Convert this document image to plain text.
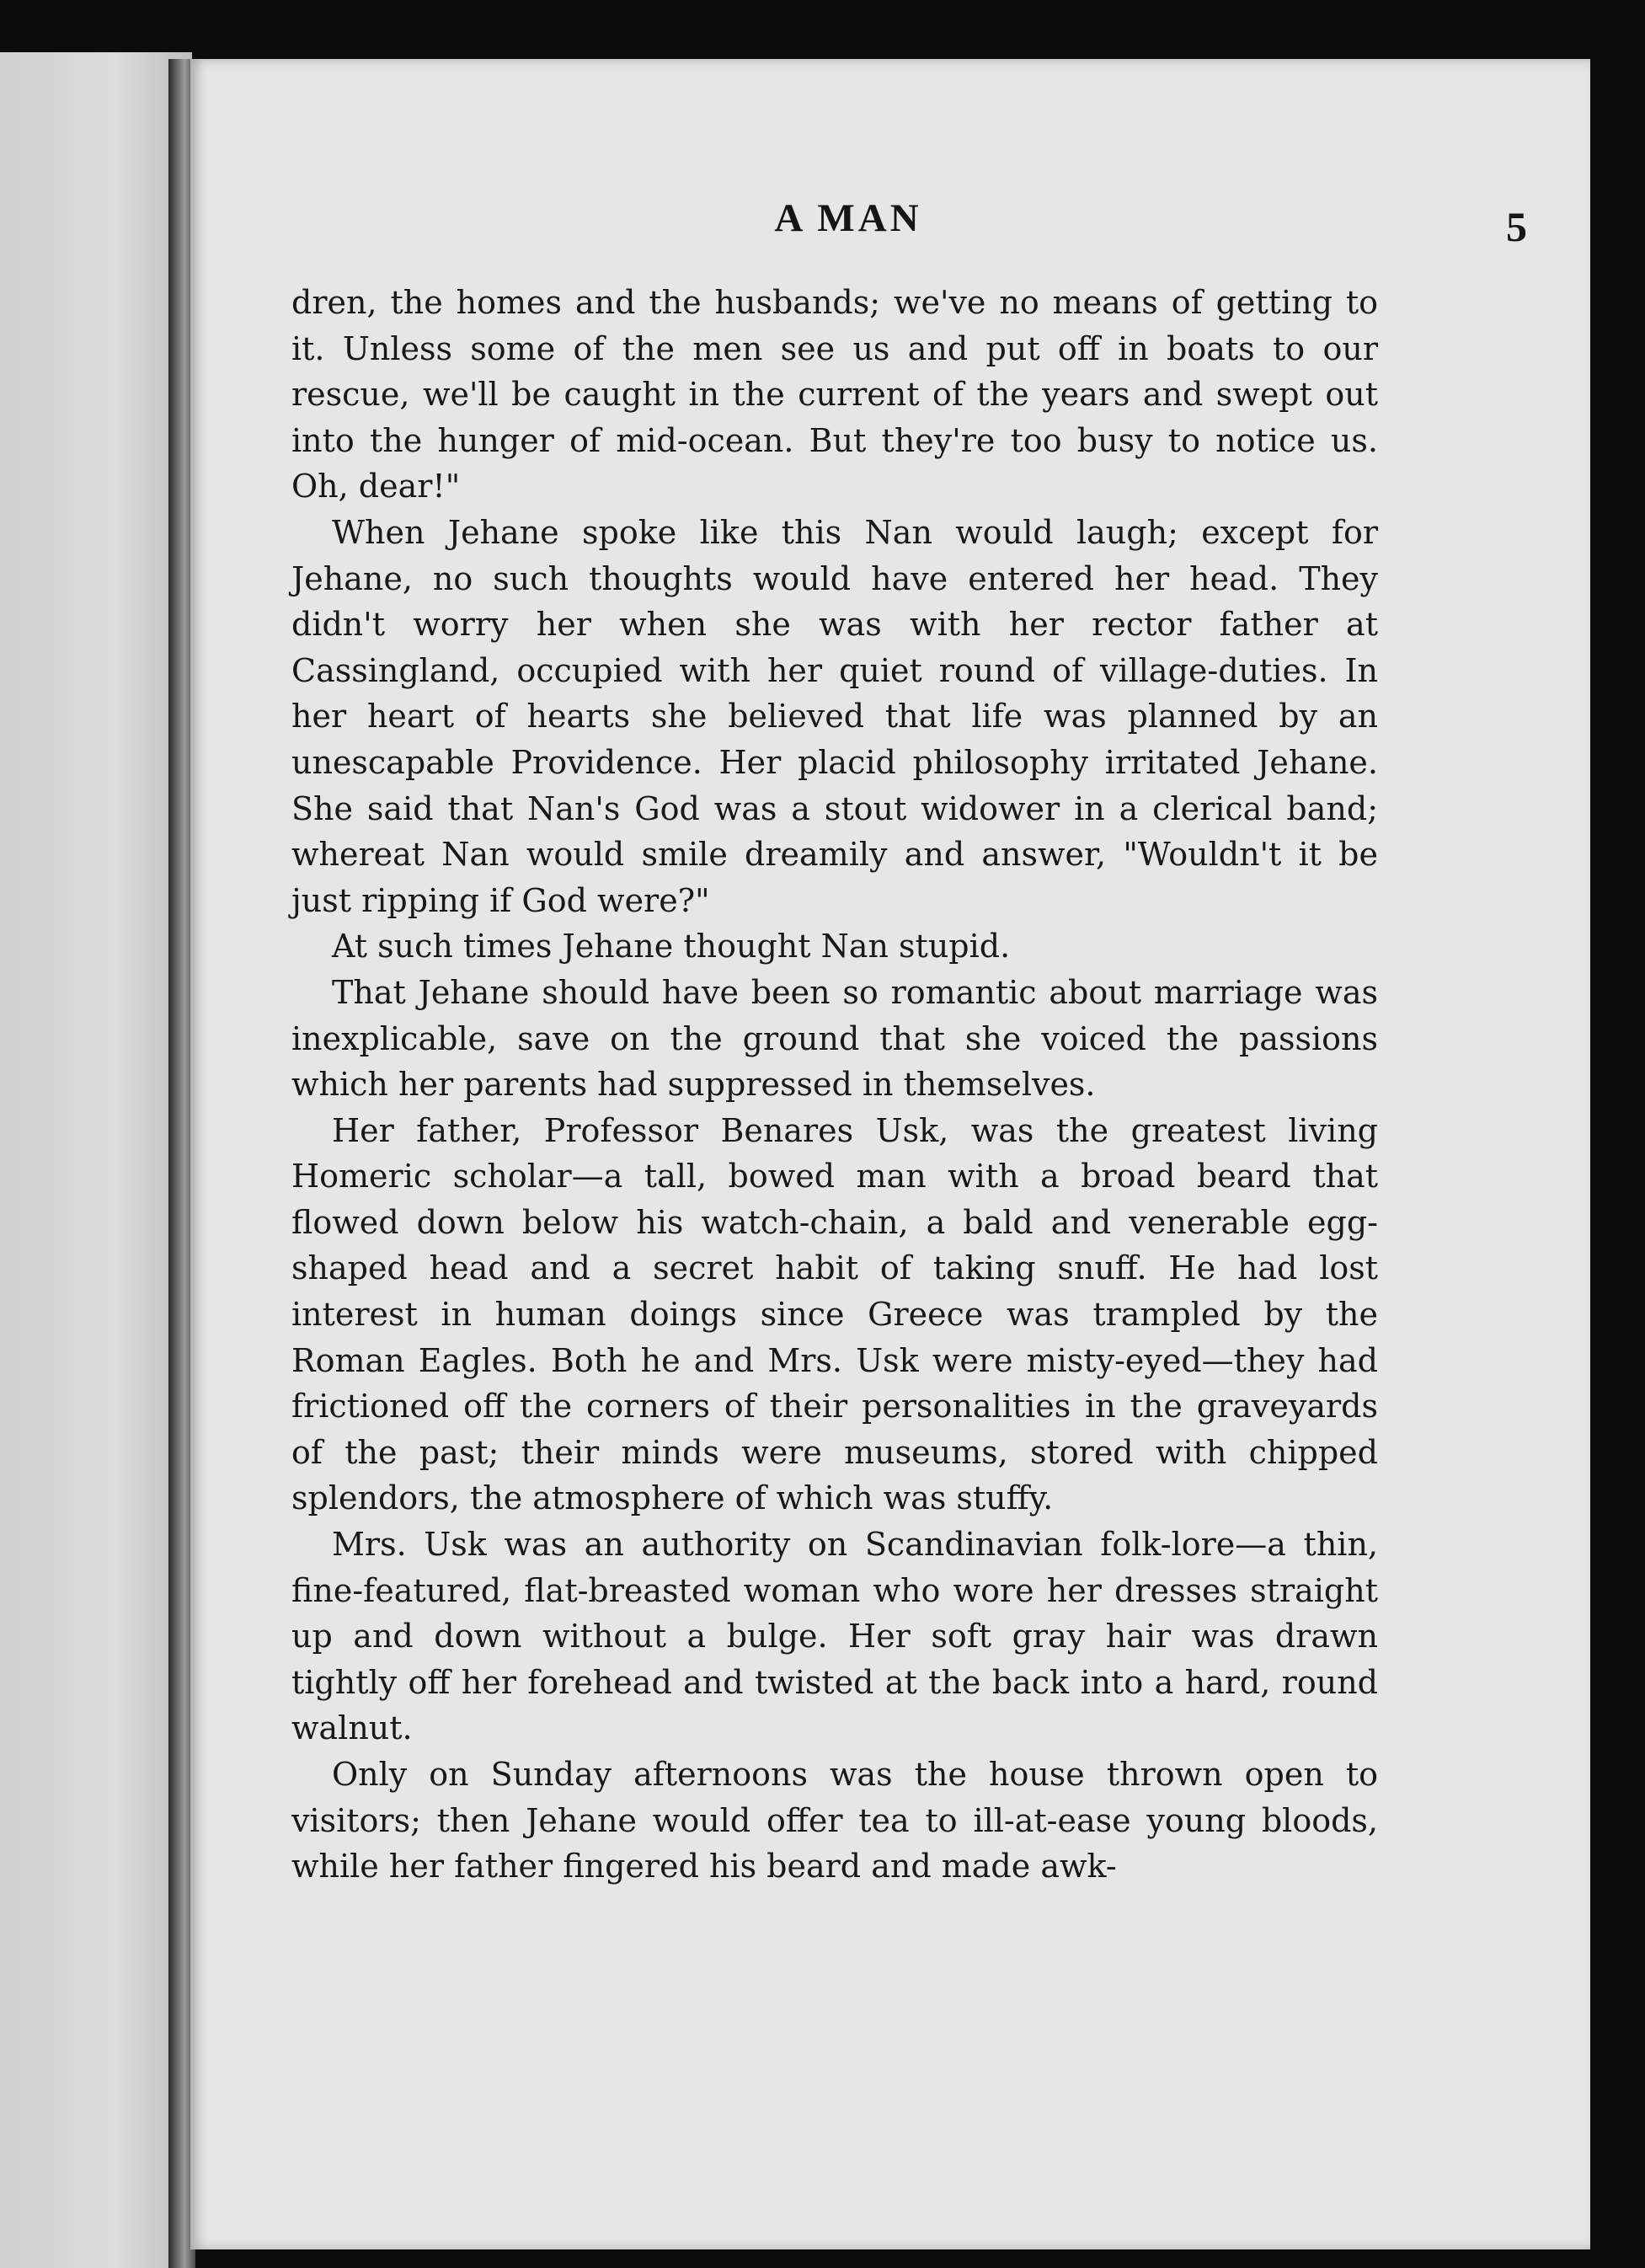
A MAN	5

dren, the homes and the husbands; we've no means of getting to it. Unless some of the men see us and put off in boats to our rescue, we'll be caught in the current of the years and swept out into the hunger of mid-ocean. But they're too busy to notice us. Oh, dear!"

When Jehane spoke like this Nan would laugh; except for Jehane, no such thoughts would have entered her head. They didn't worry her when she was with her rector father at Cassingland, occupied with her quiet round of village-duties. In her heart of hearts she believed that life was planned by an unescapable Providence. Her placid philosophy irritated Jehane. She said that Nan's God was a stout widower in a clerical band; whereat Nan would smile dreamily and answer, "Wouldn't it be just ripping if God were?"

At such times Jehane thought Nan stupid.

That Jehane should have been so romantic about marriage was inexplicable, save on the ground that she voiced the passions which her parents had suppressed in themselves.

Her father, Professor Benares Usk, was the greatest living Homeric scholar—a tall, bowed man with a broad beard that flowed down below his watch-chain, a bald and venerable egg-shaped head and a secret habit of taking snuff. He had lost interest in human doings since Greece was trampled by the Roman Eagles. Both he and Mrs. Usk were misty-eyed—they had frictioned off the corners of their personalities in the graveyards of the past; their minds were museums, stored with chipped splendors, the atmosphere of which was stuffy.

Mrs. Usk was an authority on Scandinavian folk-lore—a thin, fine-featured, flat-breasted woman who wore her dresses straight up and down without a bulge. Her soft gray hair was drawn tightly off her forehead and twisted at the back into a hard, round walnut.

Only on Sunday afternoons was the house thrown open to visitors; then Jehane would offer tea to ill-at-ease young bloods, while her father fingered his beard and made awk-
